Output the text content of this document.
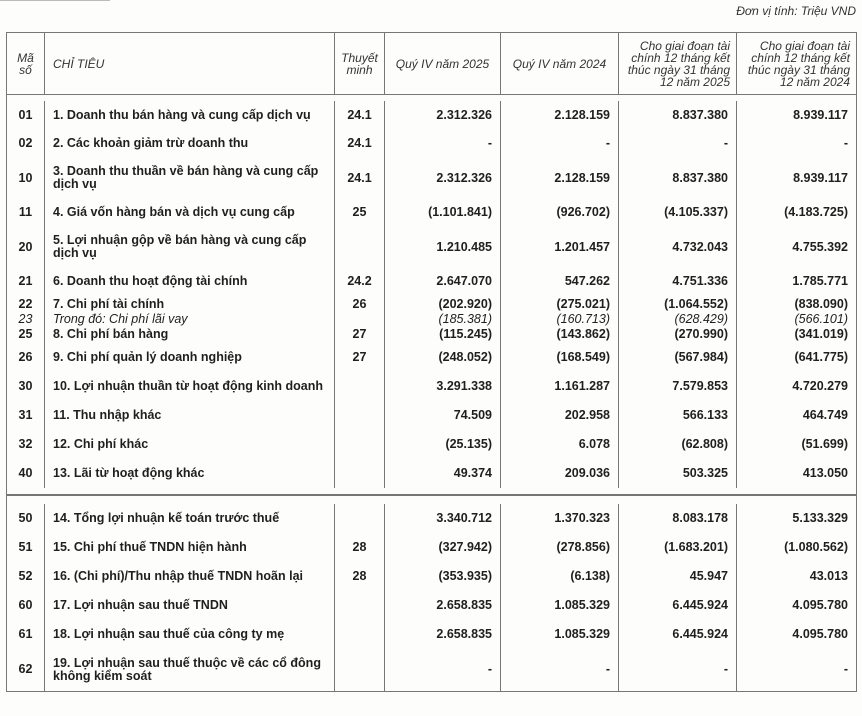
Đơn vị tính: Triệu VND
Mã số	CHỈ TIÊU	Thuyết minh	Quý IV năm 2025	Quý IV năm 2024	Cho giai đoạn tài chính 12 tháng kết thúc ngày 31 tháng 12 năm 2025	Cho giai đoạn tài chính 12 tháng kết thúc ngày 31 tháng 12 năm 2024

01	1. Doanh thu bán hàng và cung cấp dịch vụ	24.1	2.312.326	2.128.159	8.837.380	8.939.117
02	2. Các khoản giảm trừ doanh thu	24.1	-	-	-	-
10	3. Doanh thu thuần về bán hàng và cung cấp dịch vụ	24.1	2.312.326	2.128.159	8.837.380	8.939.117
11	4. Giá vốn hàng bán và dịch vụ cung cấp	25	(1.101.841)	(926.702)	(4.105.337)	(4.183.725)
20	5. Lợi nhuận gộp về bán hàng và cung cấp dịch vụ		1.210.485	1.201.457	4.732.043	4.755.392
21	6. Doanh thu hoạt động tài chính	24.2	2.647.070	547.262	4.751.336	1.785.771
22	7. Chi phí tài chính	26	(202.920)	(275.021)	(1.064.552)	(838.090)
23	Trong đó: Chi phí lãi vay		(185.381)	(160.713)	(628.429)	(566.101)
25	8. Chi phí bán hàng	27	(115.245)	(143.862)	(270.990)	(341.019)
26	9. Chi phí quản lý doanh nghiệp	27	(248.052)	(168.549)	(567.984)	(641.775)
30	10. Lợi nhuận thuần từ hoạt động kinh doanh		3.291.338	1.161.287	7.579.853	4.720.279
31	11. Thu nhập khác		74.509	202.958	566.133	464.749
32	12. Chi phí khác		(25.135)	6.078	(62.808)	(51.699)
40	13. Lãi từ hoạt động khác		49.374	209.036	503.325	413.050

50	14. Tổng lợi nhuận kế toán trước thuế		3.340.712	1.370.323	8.083.178	5.133.329
51	15. Chi phí thuế TNDN hiện hành	28	(327.942)	(278.856)	(1.683.201)	(1.080.562)
52	16. (Chi phí)/Thu nhập thuế TNDN hoãn lại	28	(353.935)	(6.138)	45.947	43.013
60	17. Lợi nhuận sau thuế TNDN		2.658.835	1.085.329	6.445.924	4.095.780
61	18. Lợi nhuận sau thuế của công ty mẹ		2.658.835	1.085.329	6.445.924	4.095.780
62	19. Lợi nhuận sau thuế thuộc về các cổ đông không kiểm soát		-	-	-	-
